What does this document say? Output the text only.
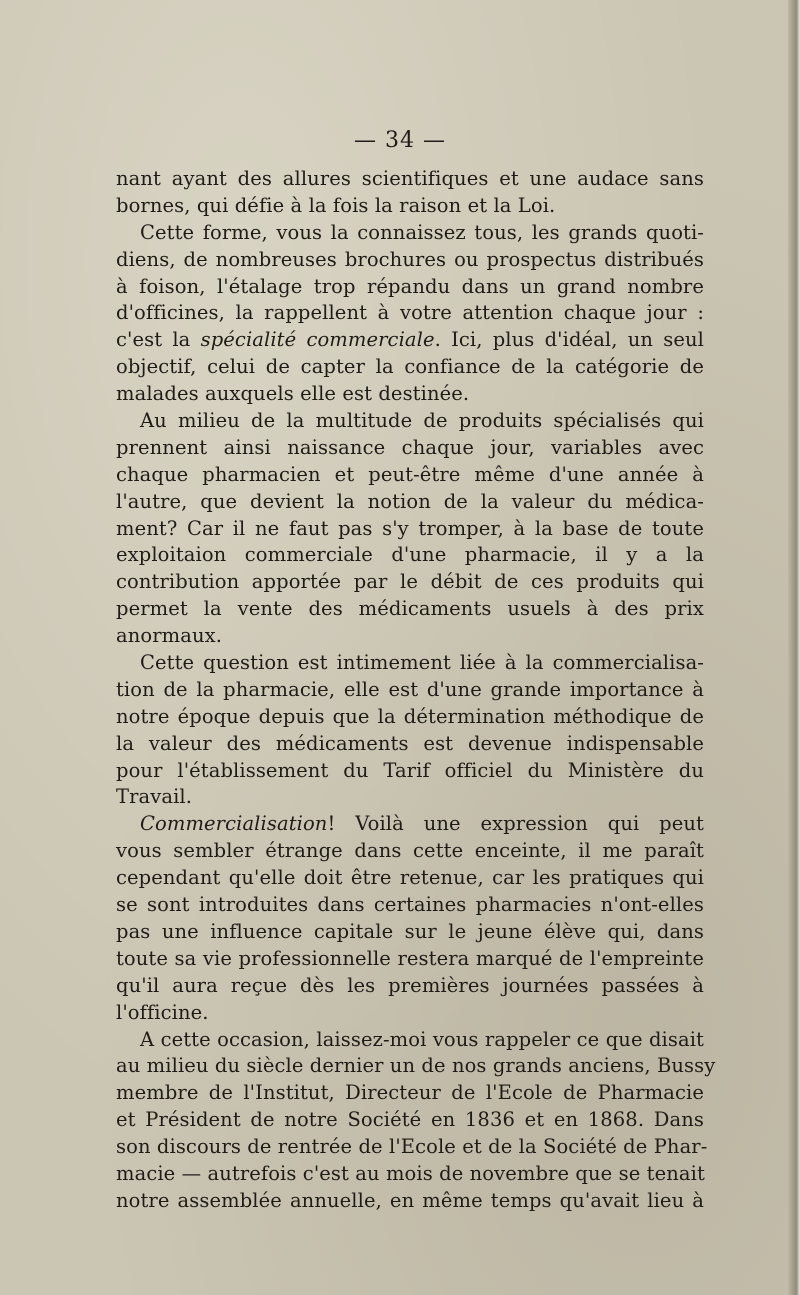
— 34 —
nant ayant des allures scientifiques et une audace sans
bornes, qui défie à la fois la raison et la Loi.
Cette forme, vous la connaissez tous, les grands quoti-
diens, de nombreuses brochures ou prospectus distribués
à foison, l'étalage trop répandu dans un grand nombre
d'officines, la rappellent à votre attention chaque jour :
c'est la spécialité commerciale. Ici, plus d'idéal, un seul
objectif, celui de capter la confiance de la catégorie de
malades auxquels elle est destinée.
Au milieu de la multitude de produits spécialisés qui
prennent ainsi naissance chaque jour, variables avec
chaque pharmacien et peut-être même d'une année à
l'autre, que devient la notion de la valeur du médica-
ment? Car il ne faut pas s'y tromper, à la base de toute
exploitaion commerciale d'une pharmacie, il y a la
contribution apportée par le débit de ces produits qui
permet la vente des médicaments usuels à des prix
anormaux.
Cette question est intimement liée à la commercialisa-
tion de la pharmacie, elle est d'une grande importance à
notre époque depuis que la détermination méthodique de
la valeur des médicaments est devenue indispensable
pour l'établissement du Tarif officiel du Ministère du
Travail.
Commercialisation! Voilà une expression qui peut
vous sembler étrange dans cette enceinte, il me paraît
cependant qu'elle doit être retenue, car les pratiques qui
se sont introduites dans certaines pharmacies n'ont-elles
pas une influence capitale sur le jeune élève qui, dans
toute sa vie professionnelle restera marqué de l'empreinte
qu'il aura reçue dès les premières journées passées à
l'officine.
A cette occasion, laissez-moi vous rappeler ce que disait
au milieu du siècle dernier un de nos grands anciens, Bussy
membre de l'Institut, Directeur de l'Ecole de Pharmacie
et Président de notre Société en 1836 et en 1868. Dans
son discours de rentrée de l'Ecole et de la Société de Phar-
macie — autrefois c'est au mois de novembre que se tenait
notre assemblée annuelle, en même temps qu'avait lieu à
